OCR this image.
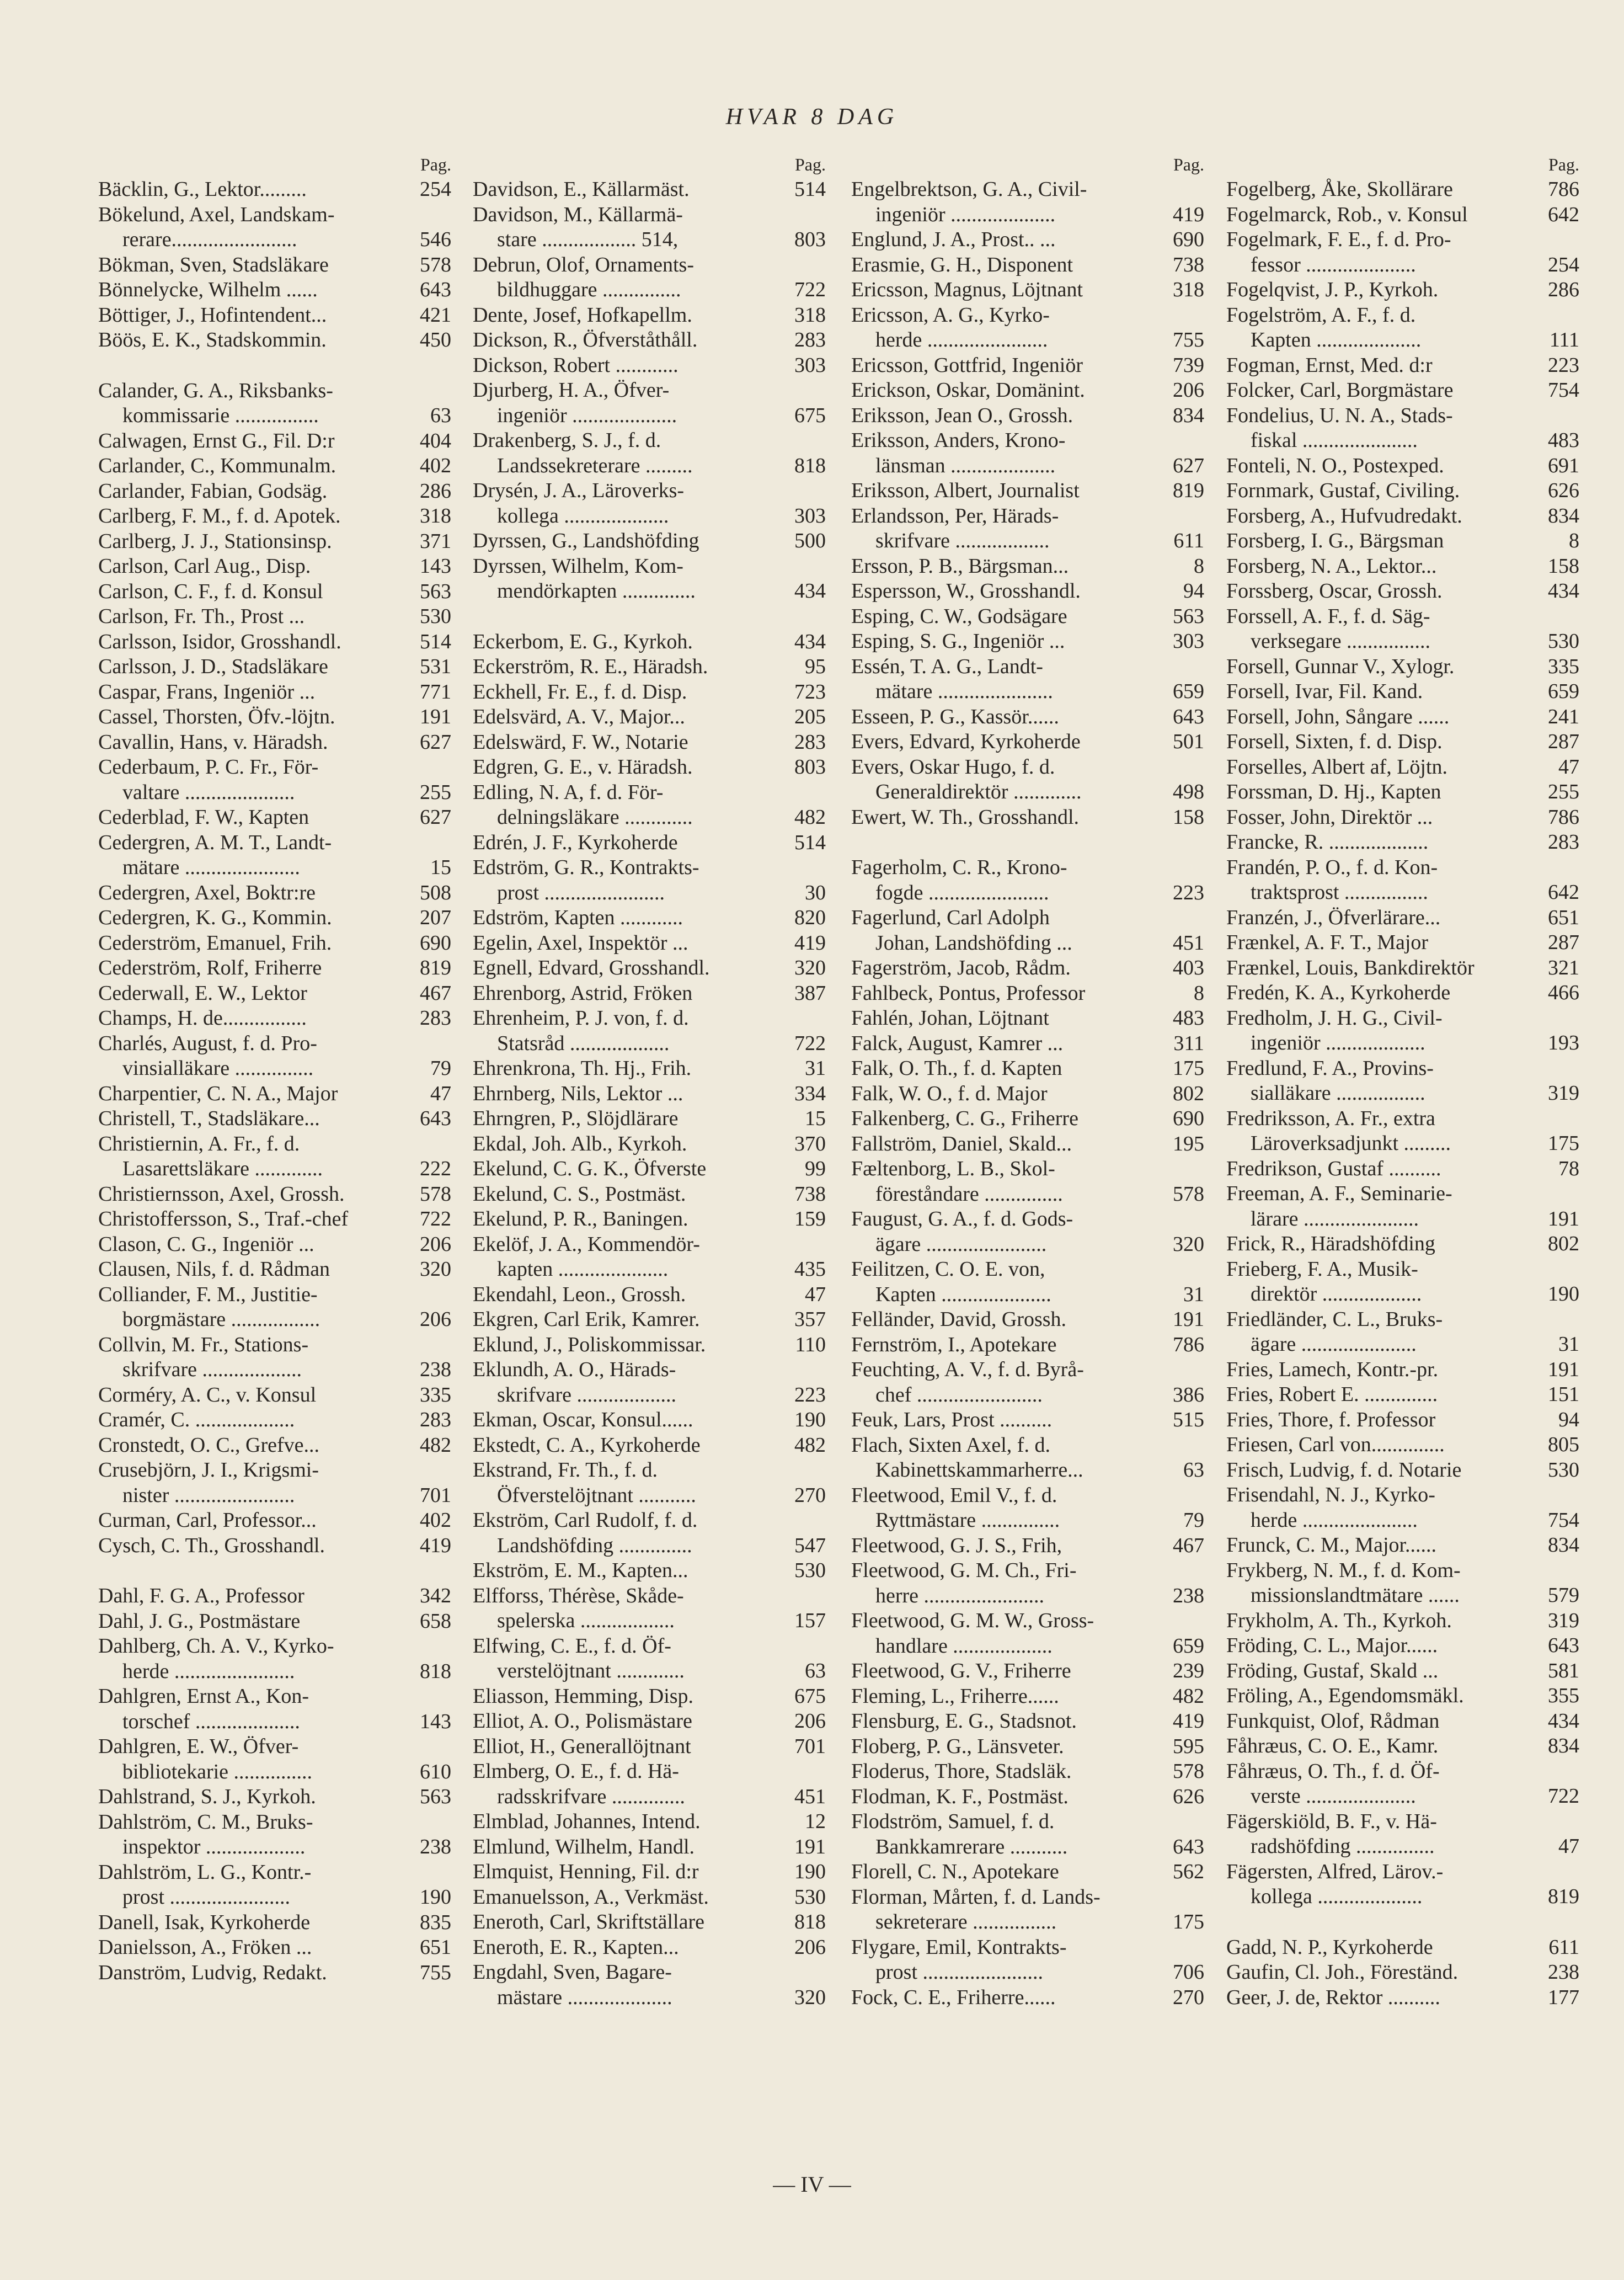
HVAR 8 DAG
Pag.
Bäcklin, G., Lektor.........	254
Bökelund, Axel, Landskam-
rerare........................	546
Bökman, Sven, Stadsläkare	578
Bönnelycke, Wilhelm ......	643
Böttiger, J., Hofintendent...	421
Böös, E. K., Stadskommin.	450
Calander, G. A., Riksbanks-
kommissarie ................	63
Calwagen, Ernst G., Fil. D:r	404
Carlander, C., Kommunalm.	402
Carlander, Fabian, Godsäg.	286
Carlberg, F. M., f. d. Apotek.	318
Carlberg, J. J., Stationsinsp.	371
Carlson, Carl Aug., Disp.	143
Carlson, C. F., f. d. Konsul	563
Carlson, Fr. Th., Prost ...	530
Carlsson, Isidor, Grosshandl.	514
Carlsson, J. D., Stadsläkare	531
Caspar, Frans, Ingeniör ...	771
Cassel, Thorsten, Öfv.-löjtn.	191
Cavallin, Hans, v. Häradsh.	627
Cederbaum, P. C. Fr., För-
valtare .....................	255
Cederblad, F. W., Kapten	627
Cedergren, A. M. T., Landt-
mätare ......................	15
Cedergren, Axel, Boktr:re	508
Cedergren, K. G., Kommin.	207
Cederström, Emanuel, Frih.	690
Cederström, Rolf, Friherre	819
Cederwall, E. W., Lektor	467
Champs, H. de................	283
Charlés, August, f. d. Pro-
vinsialläkare ...............	79
Charpentier, C. N. A., Major	47
Christell, T., Stadsläkare...	643
Christiernin, A. Fr., f. d.
Lasarettsläkare .............	222
Christiernsson, Axel, Grossh.	578
Christoffersson, S., Traf.-chef	722
Clason, C. G., Ingeniör ...	206
Clausen, Nils, f. d. Rådman	320
Colliander, F. M., Justitie-
borgmästare .................	206
Collvin, M. Fr., Stations-
skrifvare ...................	238
Corméry, A. C., v. Konsul	335
Cramér, C. ...................	283
Cronstedt, O. C., Grefve...	482
Crusebjörn, J. I., Krigsmi-
nister .......................	701
Curman, Carl, Professor...	402
Cysch, C. Th., Grosshandl.	419
Dahl, F. G. A., Professor	342
Dahl, J. G., Postmästare	658
Dahlberg, Ch. A. V., Kyrko-
herde .......................	818
Dahlgren, Ernst A., Kon-
torschef ....................	143
Dahlgren, E. W., Öfver-
bibliotekarie ...............	610
Dahlstrand, S. J., Kyrkoh.	563
Dahlström, C. M., Bruks-
inspektor ...................	238
Dahlström, L. G., Kontr.-
prost .......................	190
Danell, Isak, Kyrkoherde	835
Danielsson, A., Fröken ...	651
Danström, Ludvig, Redakt.	755
Pag.
Davidson, E., Källarmäst.	514
Davidson, M., Källarmä-
stare .................. 514,	803
Debrun, Olof, Ornaments-
bildhuggare ...............	722
Dente, Josef, Hofkapellm.	318
Dickson, R., Öfverståthåll.	283
Dickson, Robert ............	303
Djurberg, H. A., Öfver-
ingeniör ....................	675
Drakenberg, S. J., f. d.
Landssekreterare .........	818
Drysén, J. A., Läroverks-
kollega ....................	303
Dyrssen, G., Landshöfding	500
Dyrssen, Wilhelm, Kom-
mendörkapten ..............	434
Eckerbom, E. G., Kyrkoh.	434
Eckerström, R. E., Häradsh.	95
Eckhell, Fr. E., f. d. Disp.	723
Edelsvärd, A. V., Major...	205
Edelswärd, F. W., Notarie	283
Edgren, G. E., v. Häradsh.	803
Edling, N. A, f. d. För-
delningsläkare .............	482
Edrén, J. F., Kyrkoherde	514
Edström, G. R., Kontrakts-
prost .......................	30
Edström, Kapten ............	820
Egelin, Axel, Inspektör ...	419
Egnell, Edvard, Grosshandl.	320
Ehrenborg, Astrid, Fröken	387
Ehrenheim, P. J. von, f. d.
Statsråd ...................	722
Ehrenkrona, Th. Hj., Frih.	31
Ehrnberg, Nils, Lektor ...	334
Ehrngren, P., Slöjdlärare	15
Ekdal, Joh. Alb., Kyrkoh.	370
Ekelund, C. G. K., Öfverste	99
Ekelund, C. S., Postmäst.	738
Ekelund, P. R., Baningen.	159
Ekelöf, J. A., Kommendör-
kapten .....................	435
Ekendahl, Leon., Grossh.	47
Ekgren, Carl Erik, Kamrer.	357
Eklund, J., Poliskommissar.	110
Eklundh, A. O., Härads-
skrifvare ...................	223
Ekman, Oscar, Konsul......	190
Ekstedt, C. A., Kyrkoherde	482
Ekstrand, Fr. Th., f. d.
Öfverstelöjtnant ...........	270
Ekström, Carl Rudolf, f. d.
Landshöfding ..............	547
Ekström, E. M., Kapten...	530
Elfforss, Thérèse, Skåde-
spelerska ..................	157
Elfwing, C. E., f. d. Öf-
verstelöjtnant .............	63
Eliasson, Hemming, Disp.	675
Elliot, A. O., Polismästare	206
Elliot, H., Generallöjtnant	701
Elmberg, O. E., f. d. Hä-
radsskrifvare ..............	451
Elmblad, Johannes, Intend.	12
Elmlund, Wilhelm, Handl.	191
Elmquist, Henning, Fil. d:r	190
Emanuelsson, A., Verkmäst.	530
Eneroth, Carl, Skriftställare	818
Eneroth, E. R., Kapten...	206
Engdahl, Sven, Bagare-
mästare ....................	320
Pag.
Engelbrektson, G. A., Civil-
ingeniör ....................	419
Englund, J. A., Prost.. ...	690
Erasmie, G. H., Disponent	738
Ericsson, Magnus, Löjtnant	318
Ericsson, A. G., Kyrko-
herde .......................	755
Ericsson, Gottfrid, Ingeniör	739
Erickson, Oskar, Domänint.	206
Eriksson, Jean O., Grossh.	834
Eriksson, Anders, Krono-
länsman ....................	627
Eriksson, Albert, Journalist	819
Erlandsson, Per, Härads-
skrifvare ..................	611
Ersson, P. B., Bärgsman...	8
Espersson, W., Grosshandl.	94
Esping, C. W., Godsägare	563
Esping, S. G., Ingeniör ...	303
Essén, T. A. G., Landt-
mätare ......................	659
Esseen, P. G., Kassör......	643
Evers, Edvard, Kyrkoherde	501
Evers, Oskar Hugo, f. d.
Generaldirektör .............	498
Ewert, W. Th., Grosshandl.	158
Fagerholm, C. R., Krono-
fogde .......................	223
Fagerlund, Carl Adolph
Johan, Landshöfding ...	451
Fagerström, Jacob, Rådm.	403
Fahlbeck, Pontus, Professor	8
Fahlén, Johan, Löjtnant	483
Falck, August, Kamrer ...	311
Falk, O. Th., f. d. Kapten	175
Falk, W. O., f. d. Major	802
Falkenberg, C. G., Friherre	690
Fallström, Daniel, Skald...	195
Fæltenborg, L. B., Skol-
föreståndare ...............	578
Faugust, G. A., f. d. Gods-
ägare .......................	320
Feilitzen, C. O. E. von,
Kapten .....................	31
Felländer, David, Grossh.	191
Fernström, I., Apotekare	786
Feuchting, A. V., f. d. Byrå-
chef ........................	386
Feuk, Lars, Prost ..........	515
Flach, Sixten Axel, f. d.
Kabinettskammarherre...	63
Fleetwood, Emil V., f. d.
Ryttmästare ...............	79
Fleetwood, G. J. S., Frih,	467
Fleetwood, G. M. Ch., Fri-
herre .......................	238
Fleetwood, G. M. W., Gross-
handlare ...................	659
Fleetwood, G. V., Friherre	239
Fleming, L., Friherre......	482
Flensburg, E. G., Stadsnot.	419
Floberg, P. G., Länsveter.	595
Floderus, Thore, Stadsläk.	578
Flodman, K. F., Postmäst.	626
Flodström, Samuel, f. d.
Bankkamrerare ...........	643
Florell, C. N., Apotekare	562
Florman, Mårten, f. d. Lands-
sekreterare ................	175
Flygare, Emil, Kontrakts-
prost .......................	706
Fock, C. E., Friherre......	270
Pag.
Fogelberg, Åke, Skollärare	786
Fogelmarck, Rob., v. Konsul	642
Fogelmark, F. E., f. d. Pro-
fessor .....................	254
Fogelqvist, J. P., Kyrkoh.	286
Fogelström, A. F., f. d.
Kapten ....................	111
Fogman, Ernst, Med. d:r	223
Folcker, Carl, Borgmästare	754
Fondelius, U. N. A., Stads-
fiskal ......................	483
Fonteli, N. O., Postexped.	691
Fornmark, Gustaf, Civiling.	626
Forsberg, A., Hufvudredakt.	834
Forsberg, I. G., Bärgsman	8
Forsberg, N. A., Lektor...	158
Forssberg, Oscar, Grossh.	434
Forssell, A. F., f. d. Säg-
verksegare ................	530
Forsell, Gunnar V., Xylogr.	335
Forsell, Ivar, Fil. Kand.	659
Forsell, John, Sångare ......	241
Forsell, Sixten, f. d. Disp.	287
Forselles, Albert af, Löjtn.	47
Forssman, D. Hj., Kapten	255
Fosser, John, Direktör ...	786
Francke, R. ...................	283
Frandén, P. O., f. d. Kon-
traktsprost ................	642
Franzén, J., Öfverlärare...	651
Frænkel, A. F. T., Major	287
Frænkel, Louis, Bankdirektör	321
Fredén, K. A., Kyrkoherde	466
Fredholm, J. H. G., Civil-
ingeniör ...................	193
Fredlund, F. A., Provins-
sialläkare .................	319
Fredriksson, A. Fr., extra
Läroverksadjunkt .........	175
Fredrikson, Gustaf ..........	78
Freeman, A. F., Seminarie-
lärare ......................	191
Frick, R., Häradshöfding	802
Frieberg, F. A., Musik-
direktör ...................	190
Friedländer, C. L., Bruks-
ägare ......................	31
Fries, Lamech, Kontr.-pr.	191
Fries, Robert E. ..............	151
Fries, Thore, f. Professor	94
Friesen, Carl von..............	805
Frisch, Ludvig, f. d. Notarie	530
Frisendahl, N. J., Kyrko-
herde ......................	754
Frunck, C. M., Major......	834
Frykberg, N. M., f. d. Kom-
missionslandtmätare ......	579
Frykholm, A. Th., Kyrkoh.	319
Fröding, C. L., Major......	643
Fröding, Gustaf, Skald ...	581
Fröling, A., Egendomsmäkl.	355
Funkquist, Olof, Rådman	434
Fåhræus, C. O. E., Kamr.	834
Fåhræus, O. Th., f. d. Öf-
verste .....................	722
Fägerskiöld, B. F., v. Hä-
radshöfding ...............	47
Fägersten, Alfred, Lärov.-
kollega ....................	819
Gadd, N. P., Kyrkoherde	611
Gaufin, Cl. Joh., Föreständ.	238
Geer, J. de, Rektor ..........	177
— IV —
